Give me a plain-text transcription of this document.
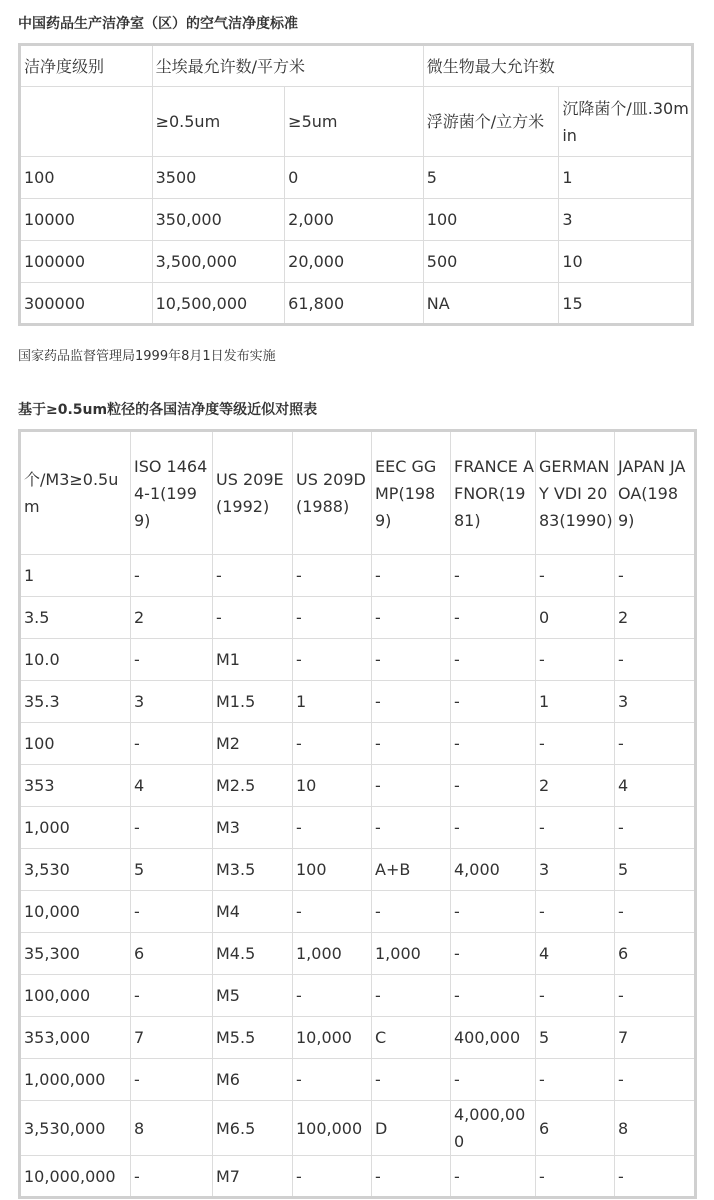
中国药品生产洁净室（区）的空气洁净度标准
洁净度级别	尘埃最允许数/平方米		微生物最大允许数	
	≥0.5um	≥5um	浮游菌个/立方米	沉降菌个/皿.30min
100	3500	0	5	1
10000	350,000	2,000	100	3
100000	3,500,000	20,000	500	10
300000	10,500,000	61,800	NA	15

国家药品监督管理局1999年8月1日发布实施

基于≥0.5um粒径的各国洁净度等级近似对照表
个/M3≥0.5um	ISO 14644-1(1999)	US 209E(1992)	US 209D(1988)	EEC GGMP(1989)	FRANCE AFNOR(1981)	GERMANY VDI 2083(1990)	JAPAN JAOA(1989)
1	-	-	-	-	-	-	-
3.5	2	-	-	-	-	0	2
10.0	-	M1	-	-	-	-	-
35.3	3	M1.5	1	-	-	1	3
100	-	M2	-	-	-	-	-
353	4	M2.5	10	-	-	2	4
1,000	-	M3	-	-	-	-	-
3,530	5	M3.5	100	A+B	4,000	3	5
10,000	-	M4	-	-	-	-	-
35,300	6	M4.5	1,000	1,000	-	4	6
100,000	-	M5	-	-	-	-	-
353,000	7	M5.5	10,000	C	400,000	5	7
1,000,000	-	M6	-	-	-	-	-
3,530,000	8	M6.5	100,000	D	4,000,000	6	8
10,000,000	-	M7	-	-	-	-	-
